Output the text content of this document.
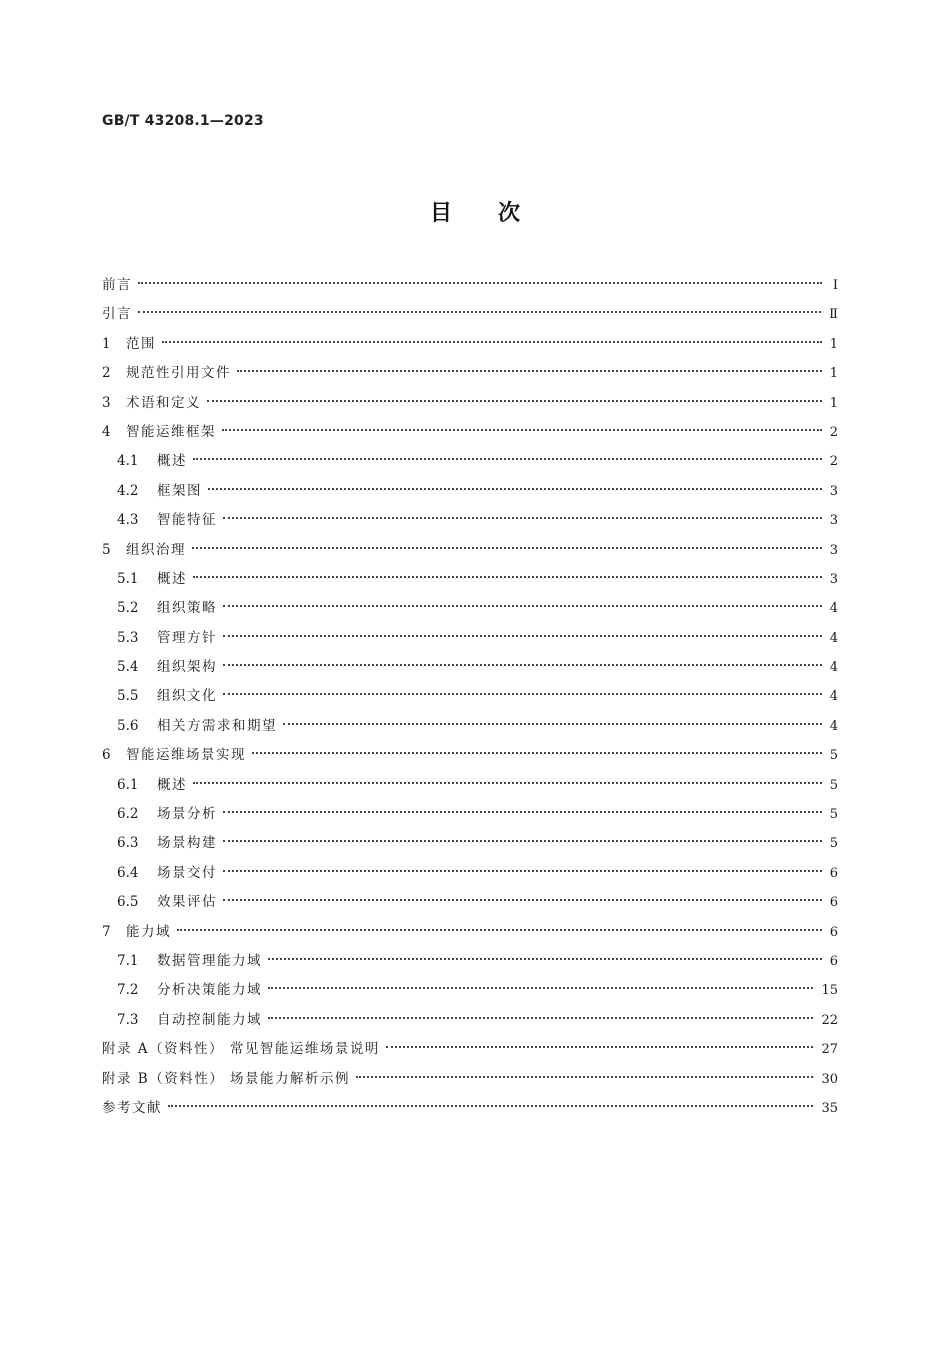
GB/T 43208.1—2023
目次
前言	Ⅰ
引言	Ⅱ
1	范围	1
2	规范性引用文件	1
3	术语和定义	1
4	智能运维框架	2
4.1	概述	2
4.2	框架图	3
4.3	智能特征	3
5	组织治理	3
5.1	概述	3
5.2	组织策略	4
5.3	管理方针	4
5.4	组织架构	4
5.5	组织文化	4
5.6	相关方需求和期望	4
6	智能运维场景实现	5
6.1	概述	5
6.2	场景分析	5
6.3	场景构建	5
6.4	场景交付	6
6.5	效果评估	6
7	能力域	6
7.1	数据管理能力域	6
7.2	分析决策能力域	15
7.3	自动控制能力域	22
附录 A（资料性） 常见智能运维场景说明	27
附录 B（资料性） 场景能力解析示例	30
参考文献	35
